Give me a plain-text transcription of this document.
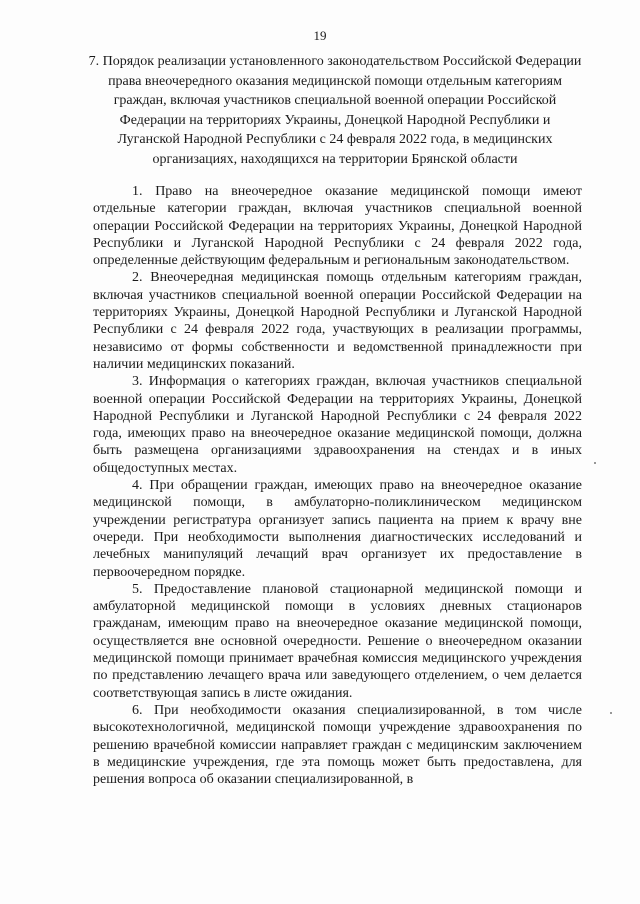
19
7. Порядок реализации установленного законодательством Российской Федерации права внеочередного оказания медицинской помощи отдельным категориям граждан, включая участников специальной военной операции Российской Федерации на территориях Украины, Донецкой Народной Республики и Луганской Народной Республики с 24 февраля 2022 года, в медицинских организациях, находящихся на территории Брянской области

1. Право на внеочередное оказание медицинской помощи имеют отдельные категории граждан, включая участников специальной военной операции Российской Федерации на территориях Украины, Донецкой Народной Республики и Луганской Народной Республики с 24 февраля 2022 года, определенные действующим федеральным и региональным законодательством.

2. Внеочередная медицинская помощь отдельным категориям граждан, включая участников специальной военной операции Российской Федерации на территориях Украины, Донецкой Народной Республики и Луганской Народной Республики с 24 февраля 2022 года, участвующих в реализации программы, независимо от формы собственности и ведомственной принадлежности при наличии медицинских показаний.

3. Информация о категориях граждан, включая участников специальной военной операции Российской Федерации на территориях Украины, Донецкой Народной Республики и Луганской Народной Республики с 24 февраля 2022 года, имеющих право на внеочередное оказание медицинской помощи, должна быть размещена организациями здравоохранения на стендах и в иных общедоступных местах.

4. При обращении граждан, имеющих право на внеочередное оказание медицинской помощи, в амбулаторно-поликлиническом медицинском учреждении регистратура организует запись пациента на прием к врачу вне очереди. При необходимости выполнения диагностических исследований и лечебных манипуляций лечащий врач организует их предоставление в первоочередном порядке.

5. Предоставление плановой стационарной медицинской помощи и амбулаторной медицинской помощи в условиях дневных стационаров гражданам, имеющим право на внеочередное оказание медицинской помощи, осуществляется вне основной очередности. Решение о внеочередном оказании медицинской помощи принимает врачебная комиссия медицинского учреждения по представлению лечащего врача или заведующего отделением, о чем делается соответствующая запись в листе ожидания.

6. При необходимости оказания специализированной, в том числе высокотехнологичной, медицинской помощи учреждение здравоохранения по решению врачебной комиссии направляет граждан с медицинским заключением в медицинские учреждения, где эта помощь может быть предоставлена, для решения вопроса об оказании специализированной, в
